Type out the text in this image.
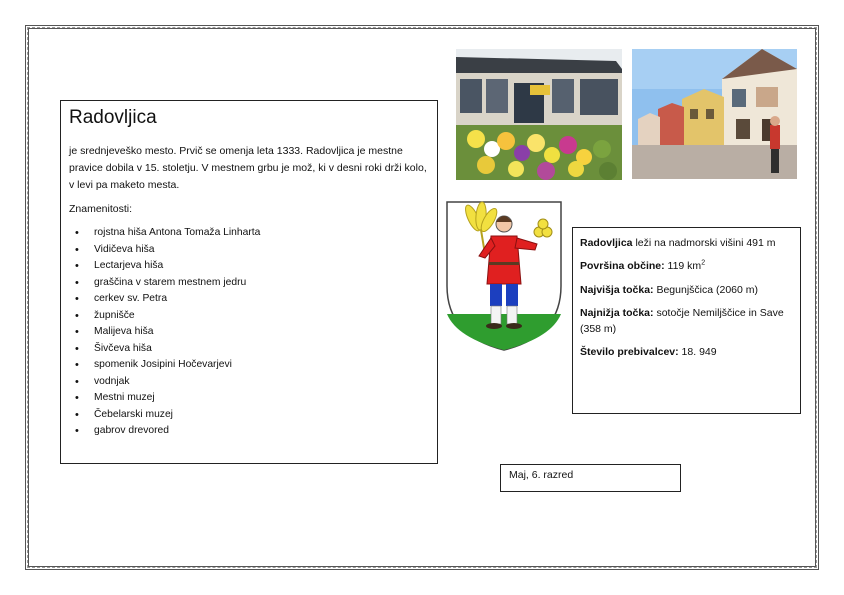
Radovljica

je srednjeveško mesto. Prvič se omenja leta 1333. Radovljica je mestne pravice dobila v 15. stoletju. V mestnem grbu je mož, ki v desni roki drži kolo, v levi pa maketo mesta.

Znamenitosti:

• rojstna hiša Antona Tomaža Linharta
• Vidičeva hiša
• Lectarjeva hiša
• graščina v starem mestnem jedru
• cerkev sv. Petra
• župnišče
• Malijeva hiša
• Šivčeva hiša
• spomenik Josipini Hočevarjevi
• vodnjak
• Mestni muzej
• Čebelarski muzej
• gabrov drevored

Radovljica leži na nadmorski višini 491 m

Površina občine: 119 $km^2$

Najvišja točka: Begunjščica (2060 m)

Najnižja točka: sotočje Nemiljščice in Save (358 m)

Število prebivalcev: 18. 949

Maj, 6. razred
